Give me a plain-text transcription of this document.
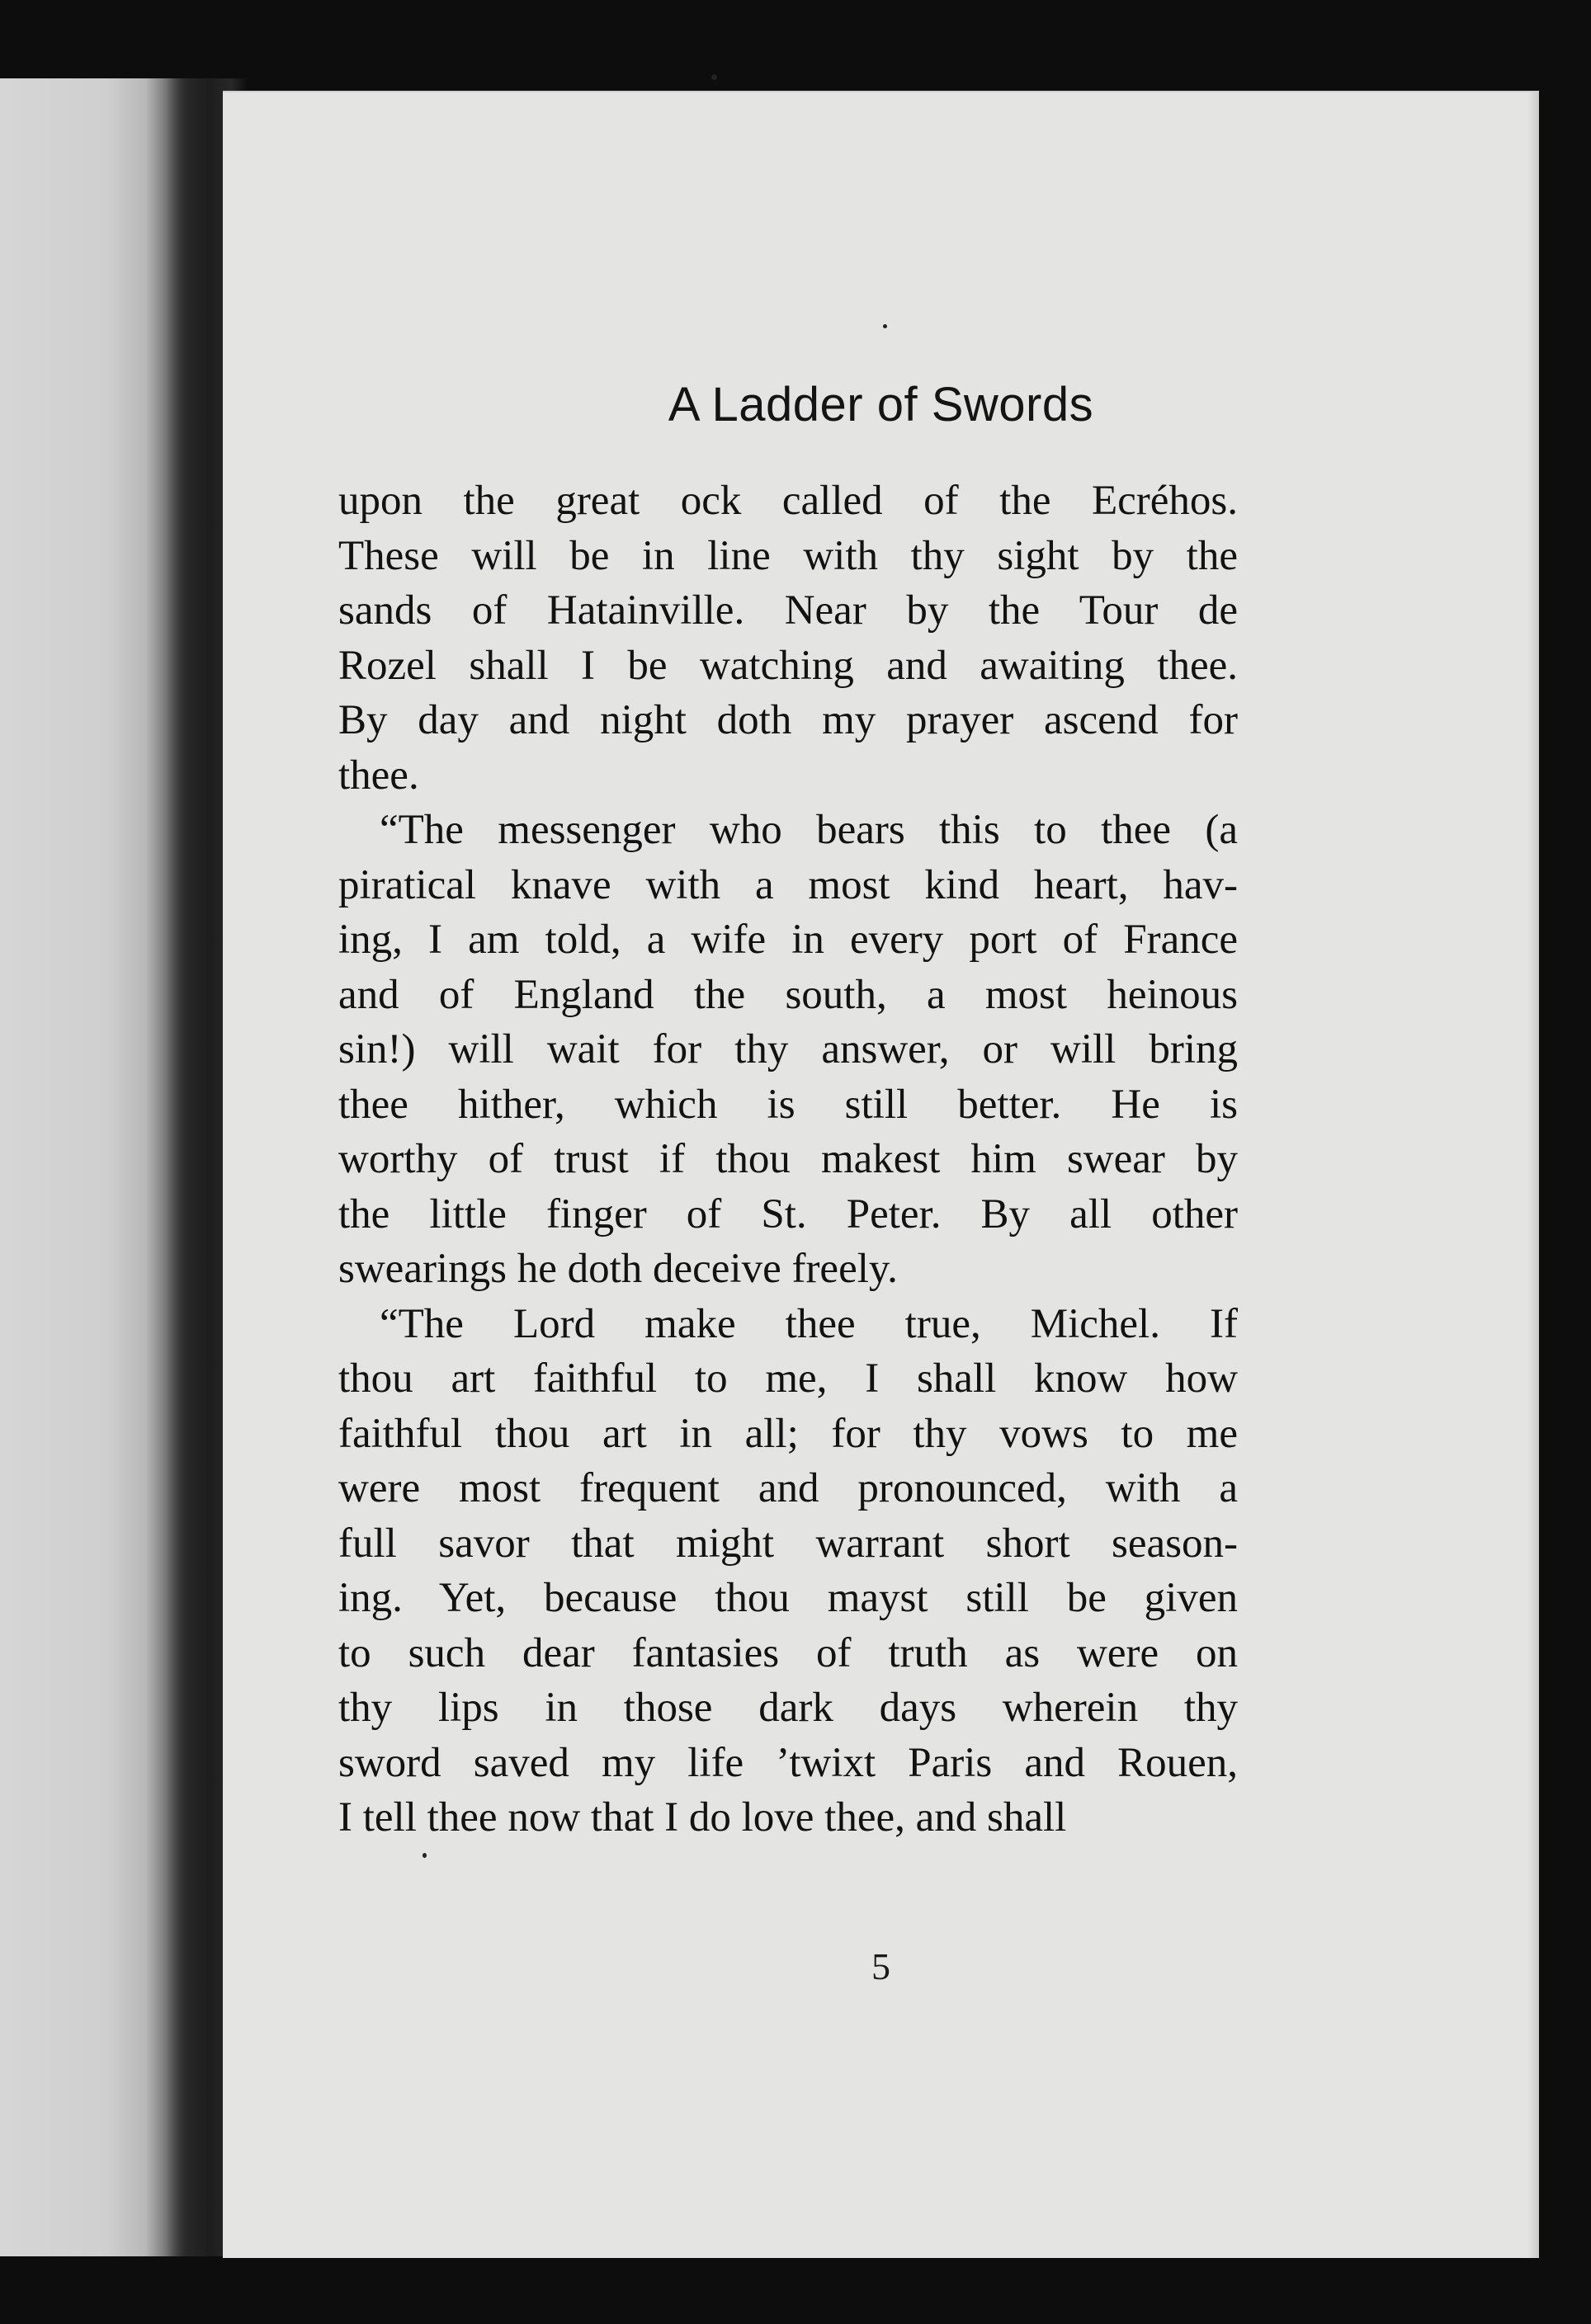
A Ladder of Swords
upon the great ock called of the Ecréhos.
These will be in line with thy sight by the
sands of Hatainville. Near by the Tour de
Rozel shall I be watching and awaiting thee.
By day and night doth my prayer ascend for
thee.
“The messenger who bears this to thee (a
piratical knave with a most kind heart, hav-
ing, I am told, a wife in every port of France
and of England the south, a most heinous
sin!) will wait for thy answer, or will bring
thee hither, which is still better. He is
worthy of trust if thou makest him swear by
the little finger of St. Peter. By all other
swearings he doth deceive freely.
“The Lord make thee true, Michel. If
thou art faithful to me, I shall know how
faithful thou art in all; for thy vows to me
were most frequent and pronounced, with a
full savor that might warrant short season-
ing. Yet, because thou mayst still be given
to such dear fantasies of truth as were on
thy lips in those dark days wherein thy
sword saved my life ’twixt Paris and Rouen,
I tell thee now that I do love thee, and shall

5
